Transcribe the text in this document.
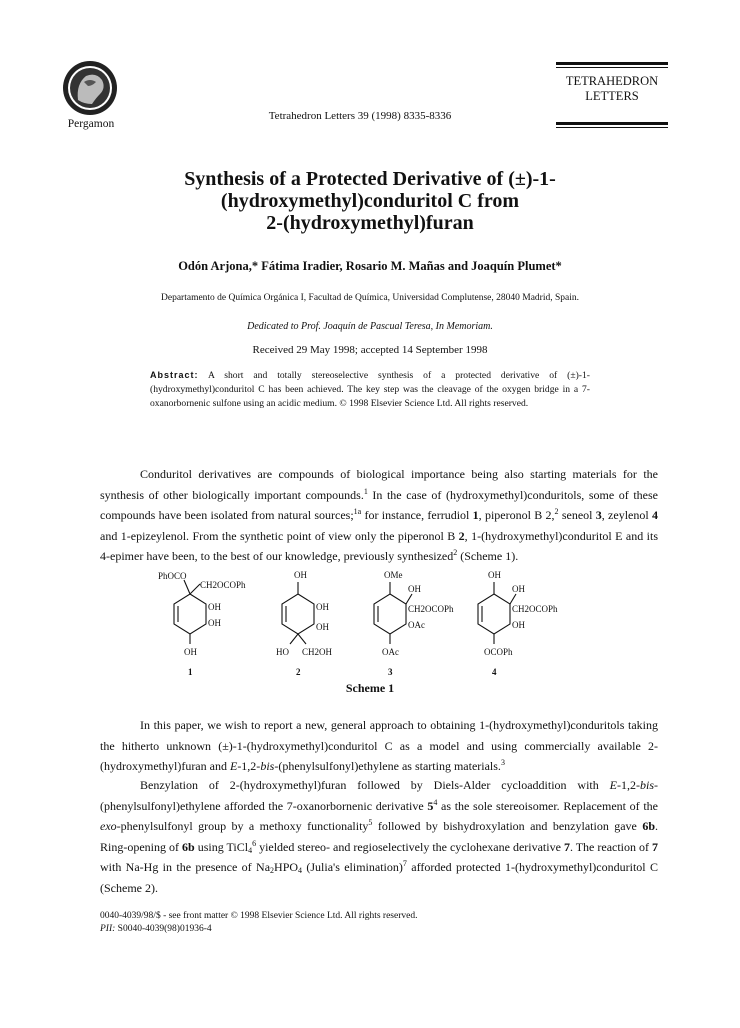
Pergamon
Tetrahedron Letters 39 (1998) 8335-8336
TETRAHEDRON
LETTERS
Synthesis of a Protected Derivative of (±)-1-
(hydroxymethyl)conduritol C from
2-(hydroxymethyl)furan
Odón Arjona,* Fátima Iradier, Rosario M. Mañas and Joaquín Plumet*
Departamento de Química Orgánica I, Facultad de Química, Universidad Complutense, 28040 Madrid, Spain.
Dedicated to Prof. Joaquín de Pascual Teresa, In Memoriam.
Received 29 May 1998; accepted 14 September 1998
Abstract: A short and totally stereoselective synthesis of a protected derivative of (±)-1-(hydroxymethyl)conduritol C has been achieved. The key step was the cleavage of the oxygen bridge in a 7-oxanorbornenic sulfone using an acidic medium. © 1998 Elsevier Science Ltd. All rights reserved.
Conduritol derivatives are compounds of biological importance being also starting materials for the synthesis of other biologically important compounds.$^1$ In the case of (hydroxymethyl)conduritols, some of these compounds have been isolated from natural sources;$^{1a}$ for instance, ferrudiol 1, piperonol B 2,$^2$ seneol 3, zeylenol 4 and 1-epizeylenol. From the synthetic point of view only the piperonol B 2, 1-(hydroxymethyl)conduritol E and its 4-epimer have been, to the best of our knowledge, previously synthesized$^2$ (Scheme 1).
PhOCO
CH2OCOPh
OH
OH
OH
1
OH
OH
OH
HO CH2OH
2
OMe
OH
CH2OCOPh
OAc
OAc
3
OH
OH
CH2OCOPh
OH
OCOPh
4
Scheme 1
In this paper, we wish to report a new, general approach to obtaining 1-(hydroxymethyl)conduritols taking the hitherto unknown (±)-1-(hydroxymethyl)conduritol C as a model and using commercially available 2-(hydroxymethyl)furan and E-1,2-bis-(phenylsulfonyl)ethylene as starting materials.$^3$
Benzylation of 2-(hydroxymethyl)furan followed by Diels-Alder cycloaddition with E-1,2-bis-(phenylsulfonyl)ethylene afforded the 7-oxanorbornenic derivative $5^4$ as the sole stereoisomer. Replacement of the exo-phenylsulfonyl group by a methoxy functionality$^5$ followed by bishydroxylation and benzylation gave 6b. Ring-opening of 6b using TiCl$_4^6$ yielded stereo- and regioselectively the cyclohexane derivative 7. The reaction of 7 with Na-Hg in the presence of $Na_2HPO_4$ (Julia's elimination)$^7$ afforded protected 1-(hydroxymethyl)conduritol C (Scheme 2).
0040-4039/98/$ - see front matter © 1998 Elsevier Science Ltd. All rights reserved.
PII: S0040-4039(98)01936-4
